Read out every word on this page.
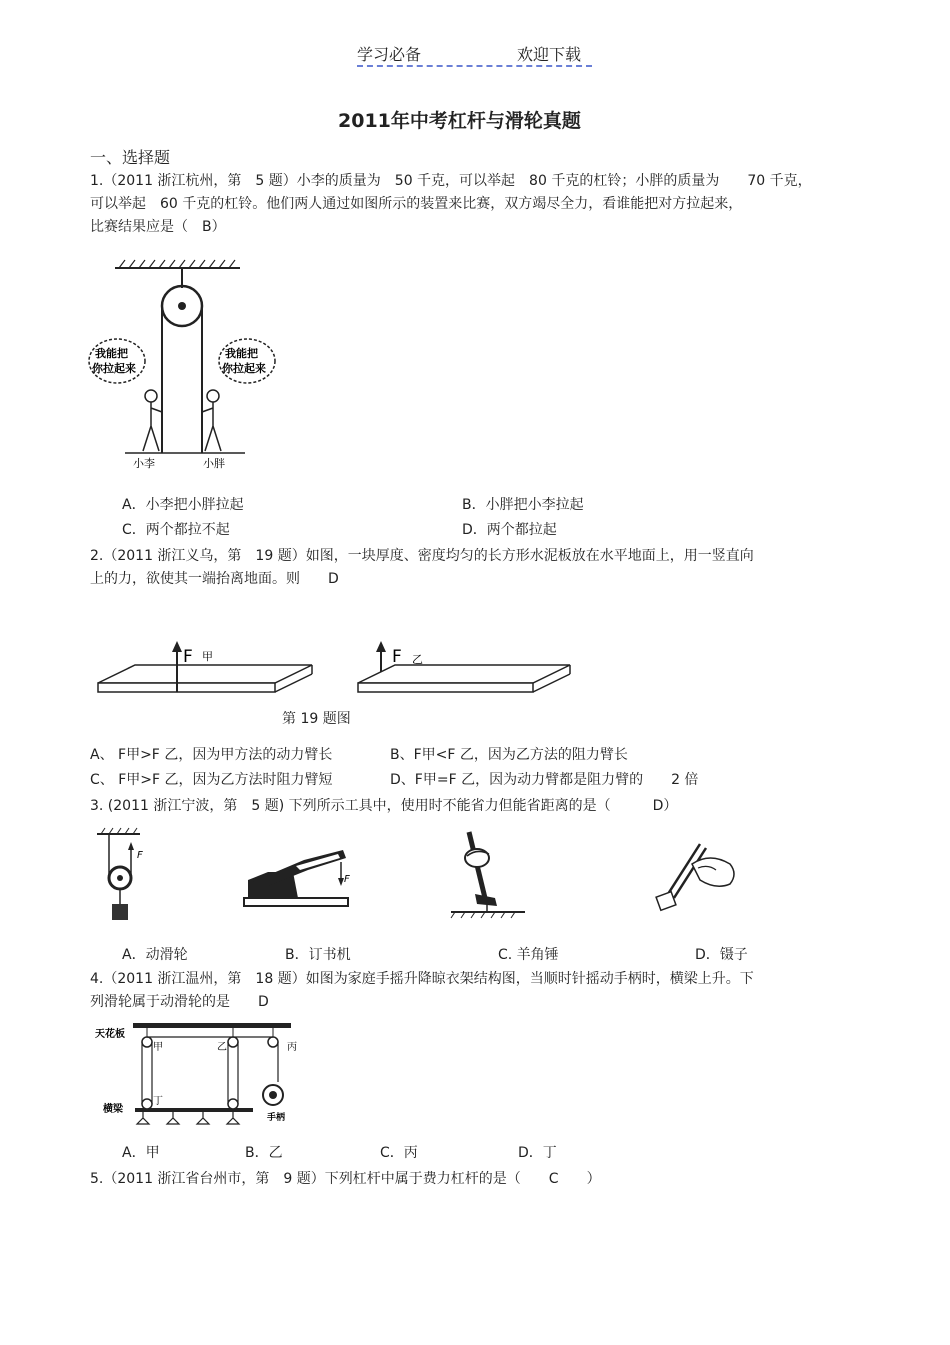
学习必备	欢迎下载
2011年中考杠杆与滑轮真题
一、选择题
1.（2011 浙江杭州，第　5 题）小李的质量为　50 千克，可以举起　80 千克的杠铃；小胖的质量为　　70 千克，
可以举起　60 千克的杠铃。他们两人通过如图所示的装置来比赛，双方竭尽全力，看谁能把对方拉起来，
比赛结果应是（　B）
我能把
你拉起来
我能把
你拉起来
小李	小胖
A．小李把小胖拉起	B．小胖把小李拉起
C．两个都拉不起	D．两个都拉起
2.（2011 浙江义乌，第　19 题）如图，一块厚度、密度均匀的长方形水泥板放在水平地面上，用一竖直向
上的力，欲使其一端抬离地面。则　　D
F 甲	F 乙
第 19 题图
A、 F甲>F 乙，因为甲方法的动力臂长	B、F甲<F 乙，因为乙方法的阻力臂长
C、 F甲>F 乙，因为乙方法时阻力臂短	D、F甲=F 乙，因为动力臂都是阻力臂的　　2 倍
3. (2011 浙江宁波，第　5 题) 下列所示工具中，使用时不能省力但能省距离的是（　　　D）
F
F
A．动滑轮	B．订书机	C. 羊角锤	D．镊子
4.（2011 浙江温州，第　18 题）如图为家庭手摇升降晾衣架结构图，当顺时针摇动手柄时，横梁上升。下
列滑轮属于动滑轮的是　　D
天花板
甲	乙	丙
手柄
横梁
丁
A．甲	B．乙	C．丙	D．丁
5.（2011 浙江省台州市，第　9 题）下列杠杆中属于费力杠杆的是（　　C　　）
